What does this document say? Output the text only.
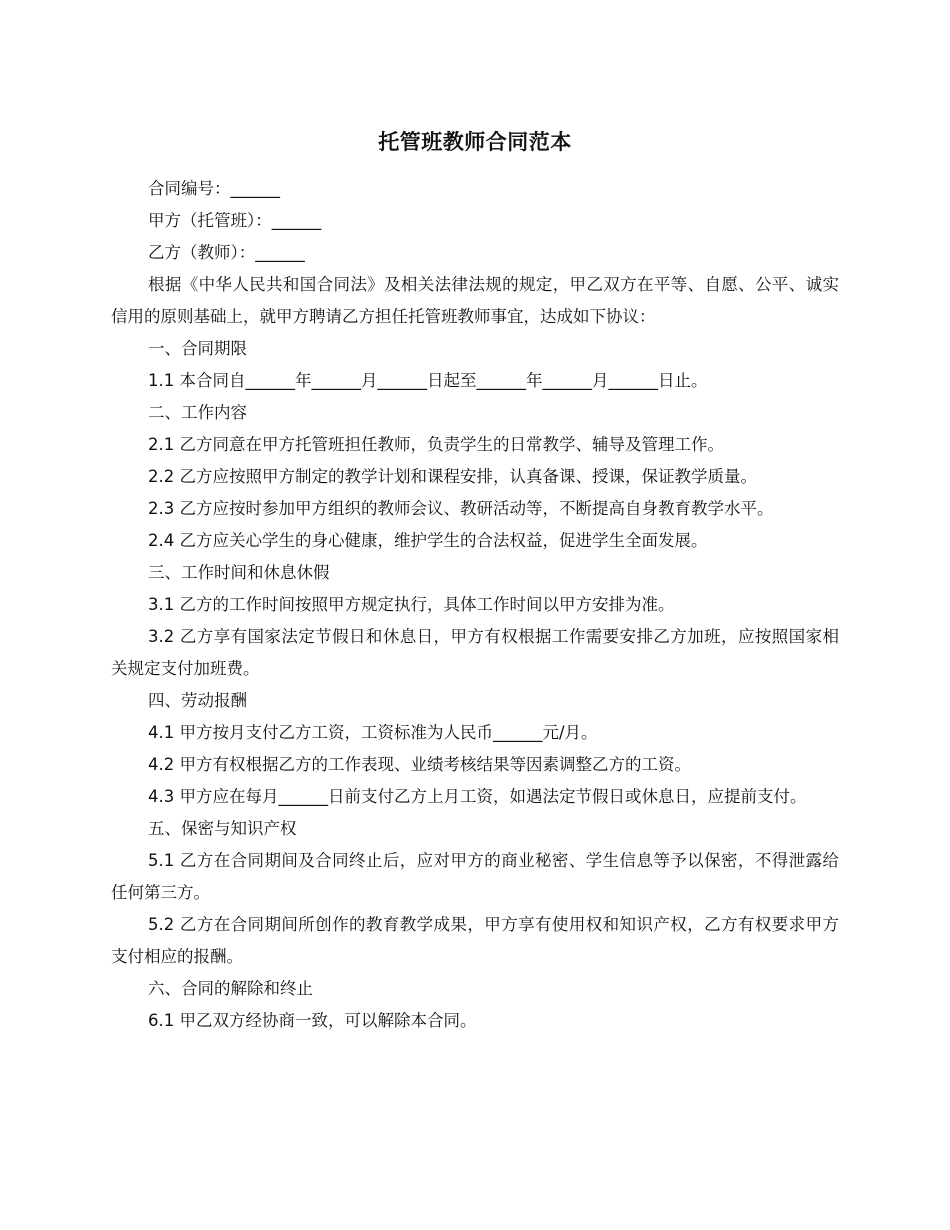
托管班教师合同范本

合同编号：______

甲方（托管班）：______

乙方（教师）：______

根据《中华人民共和国合同法》及相关法律法规的规定，甲乙双方在平等、自愿、公平、诚实信用的原则基础上，就甲方聘请乙方担任托管班教师事宜，达成如下协议：

一、合同期限

1.1 本合同自______年______月______日起至______年______月______日止。

二、工作内容

2.1 乙方同意在甲方托管班担任教师，负责学生的日常教学、辅导及管理工作。

2.2 乙方应按照甲方制定的教学计划和课程安排，认真备课、授课，保证教学质量。

2.3 乙方应按时参加甲方组织的教师会议、教研活动等，不断提高自身教育教学水平。

2.4 乙方应关心学生的身心健康，维护学生的合法权益，促进学生全面发展。

三、工作时间和休息休假

3.1 乙方的工作时间按照甲方规定执行，具体工作时间以甲方安排为准。

3.2 乙方享有国家法定节假日和休息日，甲方有权根据工作需要安排乙方加班，应按照国家相关规定支付加班费。

四、劳动报酬

4.1 甲方按月支付乙方工资，工资标准为人民币______元/月。

4.2 甲方有权根据乙方的工作表现、业绩考核结果等因素调整乙方的工资。

4.3 甲方应在每月______日前支付乙方上月工资，如遇法定节假日或休息日，应提前支付。

五、保密与知识产权

5.1 乙方在合同期间及合同终止后，应对甲方的商业秘密、学生信息等予以保密，不得泄露给任何第三方。

5.2 乙方在合同期间所创作的教育教学成果，甲方享有使用权和知识产权，乙方有权要求甲方支付相应的报酬。

六、合同的解除和终止

6.1 甲乙双方经协商一致，可以解除本合同。
